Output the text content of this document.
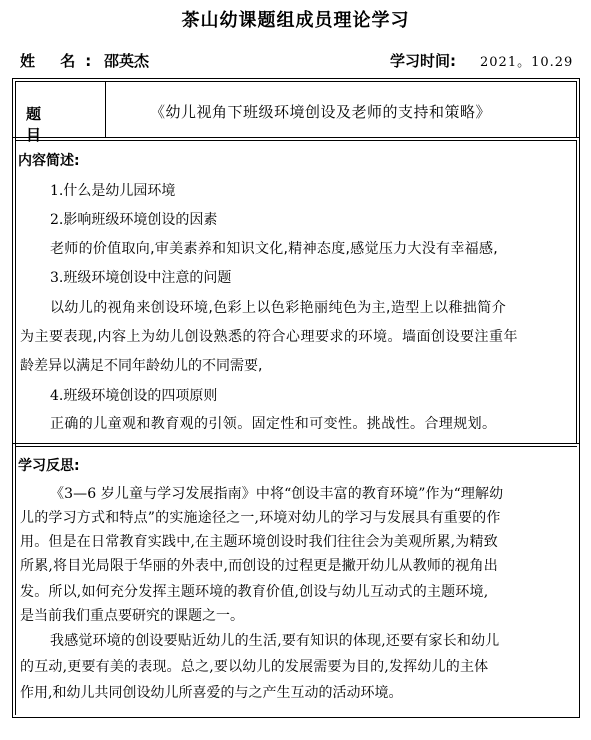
茶山幼课题组成员理论学习
姓 名: 邵英杰	学习时间: 2021。10.29
题 目
《幼儿视角下班级环境创设及老师的支持和策略》
内容简述:
1.什么是幼儿园环境
2.影响班级环境创设的因素
老师的价值取向,审美素养和知识文化,精神态度,感觉压力大没有幸福感,
3.班级环境创设中注意的问题
以幼儿的视角来创设环境,色彩上以色彩艳丽纯色为主,造型上以稚拙简介
为主要表现,内容上为幼儿创设熟悉的符合心理要求的环境。墙面创设要注重年
龄差异以满足不同年龄幼儿的不同需要,
4.班级环境创设的四项原则
正确的儿童观和教育观的引领。固定性和可变性。挑战性。合理规划。
学习反思:
《3—6 岁儿童与学习发展指南》中将“创设丰富的教育环境”作为“理解幼
儿的学习方式和特点”的实施途径之一,环境对幼儿的学习与发展具有重要的作
用。但是在日常教育实践中,在主题环境创设时我们往往会为美观所累,为精致
所累,将目光局限于华丽的外表中,而创设的过程更是撇开幼儿从教师的视角出
发。所以,如何充分发挥主题环境的教育价值,创设与幼儿互动式的主题环境,
是当前我们重点要研究的课题之一。
我感觉环境的创设要贴近幼儿的生活,要有知识的体现,还要有家长和幼儿
的互动,更要有美的表现。总之,要以幼儿的发展需要为目的,发挥幼儿的主体
作用,和幼儿共同创设幼儿所喜爱的与之产生互动的活动环境。
